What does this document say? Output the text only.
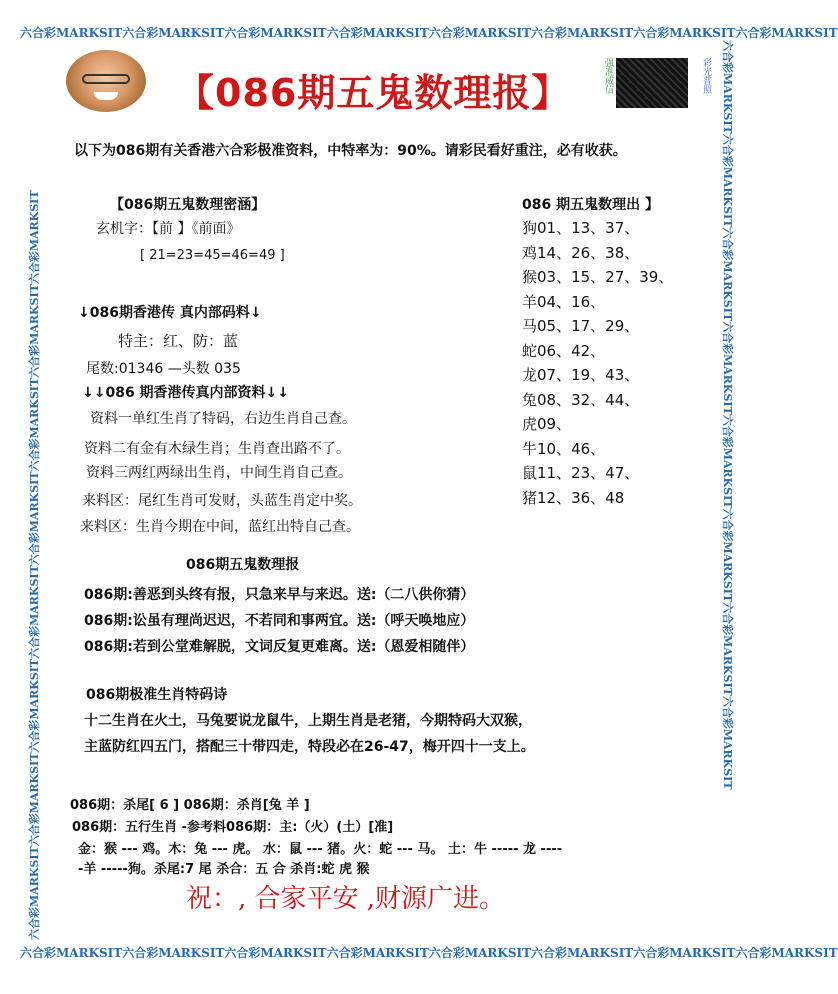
六合彩MARKSIT六合彩MARKSIT六合彩MARKSIT六合彩MARKSIT六合彩MARKSIT六合彩MARKSIT六合彩MARKSIT六合彩MARKSIT
六合彩MARKSIT六合彩MARKSIT六合彩MARKSIT六合彩MARKSIT六合彩MARKSIT六合彩MARKSIT六合彩MARKSIT六合彩MARKSIT
六合彩MARKSIT六合彩MARKSIT六合彩MARKSIT六合彩MARKSIT六合彩MARKSIT六合彩MARKSIT六合彩MARKSIT六合彩MARKSIT	六合彩MARKSIT六合彩MARKSIT六合彩MARKSIT六合彩MARKSIT六合彩MARKSIT六合彩MARKSIT六合彩MARKSIT六合彩MARKSIT
【086期五鬼数理报】	强准威信	彩光普照
以下为086期有关香港六合彩极准资料，中特率为：90%。请彩民看好重注，必有收获。
【086期五鬼数理密涵】
玄机字：【前 】《前面》
[ 21=23=45=46=49 ]
↓086期香港传 真内部码料↓
特主：红、防：蓝
尾数:01346 —头数 035
↓↓086 期香港传真内部资料↓↓
资料一单红生肖了特码，右边生肖自己查。
资料二有金有木绿生肖；生肖查出路不了。
资料三两红两绿出生肖，中间生肖自己查。
来料区：尾红生肖可发财，头蓝生肖定中奖。
来料区：生肖今期在中间，蓝红出特自己查。
086 期五鬼数理出 】
狗01、13、37、
鸡14、26、38、
猴03、15、27、39、
羊04、16、
马05、17、29、
蛇06、42、
龙07、19、43、
兔08、32、44、
虎09、
牛10、46、
鼠11、23、47、
猪12、36、48
086期五鬼数理报
086期:善恶到头终有报，只急来早与来迟。送:（二八供你猜）
086期:讼虽有理尚迟迟，不若同和事两宜。送:（呼天唤地应）
086期:若到公堂难解脱，文词反复更难离。送:（恩爱相随伴）
086期极准生肖特码诗
十二生肖在火土，马兔要说龙鼠牛，上期生肖是老猪，今期特码大双猴，
主蓝防红四五门，搭配三十带四走，特段必在26-47，梅开四十一支上。
086期：杀尾[ 6 ] 086期：杀肖[兔 羊 ]
086期：五行生肖 -参考料086期：主:（火）(土）[准]
金：猴 --- 鸡。木：兔 --- 虎。 水：鼠 --- 猪。火：蛇 --- 马。 土：牛 ----- 龙 ----
-羊 -----狗。杀尾:7 尾 杀合：五 合 杀肖:蛇 虎 猴
祝：, 合家平安 ,财源广进。
